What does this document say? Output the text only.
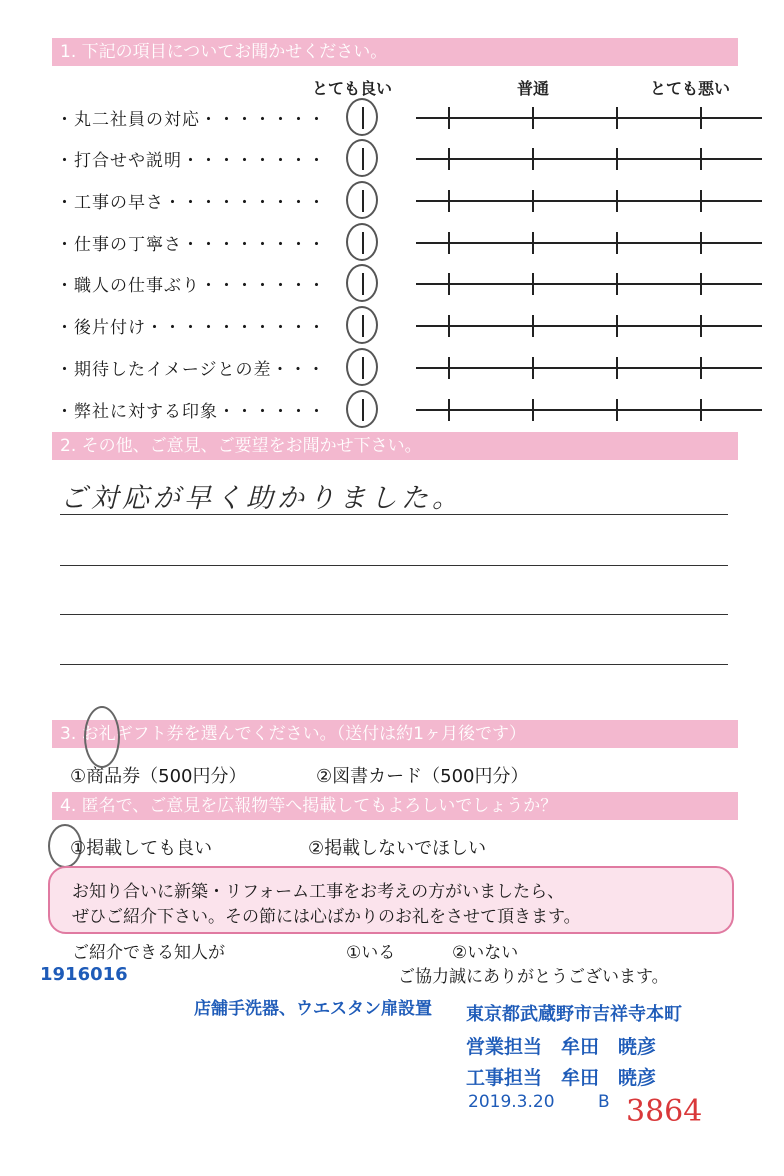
1. 下記の項目についてお聞かせください。
とても良い	普通	とても悪い
・丸二社員の対応・・・・・・・
・打合せや説明・・・・・・・・
・工事の早さ・・・・・・・・・
・仕事の丁寧さ・・・・・・・・
・職人の仕事ぶり・・・・・・・
・後片付け・・・・・・・・・・
・期待したイメージとの差・・・
・弊社に対する印象・・・・・・
2. その他、ご意見、ご要望をお聞かせ下さい。
ご対応が早く助かりました。
3. お礼ギフト券を選んでください。（送付は約1ヶ月後です）
①商品券（500円分）	②図書カード（500円分）
4. 匿名で、ご意見を広報物等へ掲載してもよろしいでしょうか？
①掲載しても良い	②掲載しないでほしい
お知り合いに新築・リフォーム工事をお考えの方がいましたら、
ぜひご紹介下さい。その節には心ばかりのお礼をさせて頂きます。
ご紹介できる知人が	①いる	②いない
ご協力誠にありがとうございます。
1916016
店舗手洗器、ウエスタン扉設置 東京都武蔵野市吉祥寺本町
営業担当　牟田　暁彦
工事担当　牟田　暁彦
2019.3.20	B 3864
